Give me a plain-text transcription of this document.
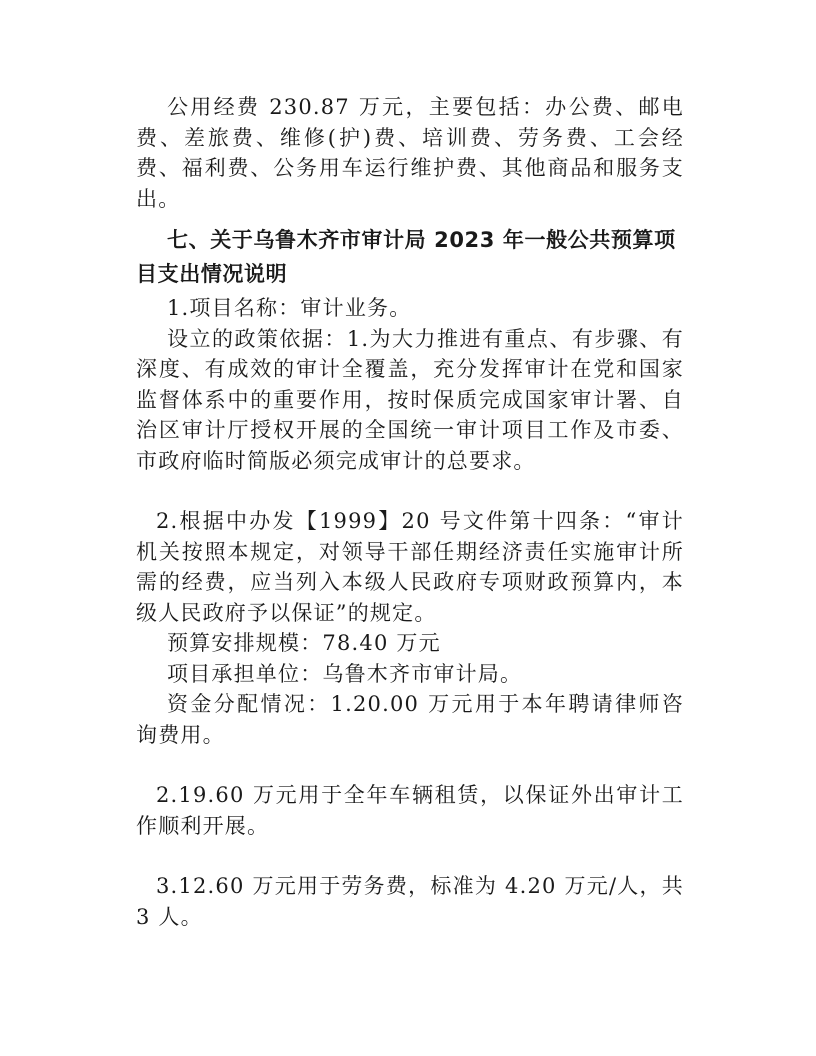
公用经费 230.87 万元，主要包括：办公费、邮电费、差旅费、维修(护)费、培训费、劳务费、工会经费、福利费、公务用车运行维护费、其他商品和服务支出。

七、关于乌鲁木齐市审计局 2023 年一般公共预算项目支出情况说明

1.项目名称：审计业务。

设立的政策依据：1.为大力推进有重点、有步骤、有深度、有成效的审计全覆盖，充分发挥审计在党和国家监督体系中的重要作用，按时保质完成国家审计署、自治区审计厅授权开展的全国统一审计项目工作及市委、市政府临时简版必须完成审计的总要求。

2.根据中办发【1999】20 号文件第十四条：“审计机关按照本规定，对领导干部任期经济责任实施审计所需的经费，应当列入本级人民政府专项财政预算内，本级人民政府予以保证”的规定。

预算安排规模：78.40 万元

项目承担单位：乌鲁木齐市审计局。

资金分配情况：1.20.00 万元用于本年聘请律师咨询费用。

2.19.60 万元用于全年车辆租赁，以保证外出审计工作顺利开展。

3.12.60 万元用于劳务费，标准为 4.20 万元/人，共3 人。
